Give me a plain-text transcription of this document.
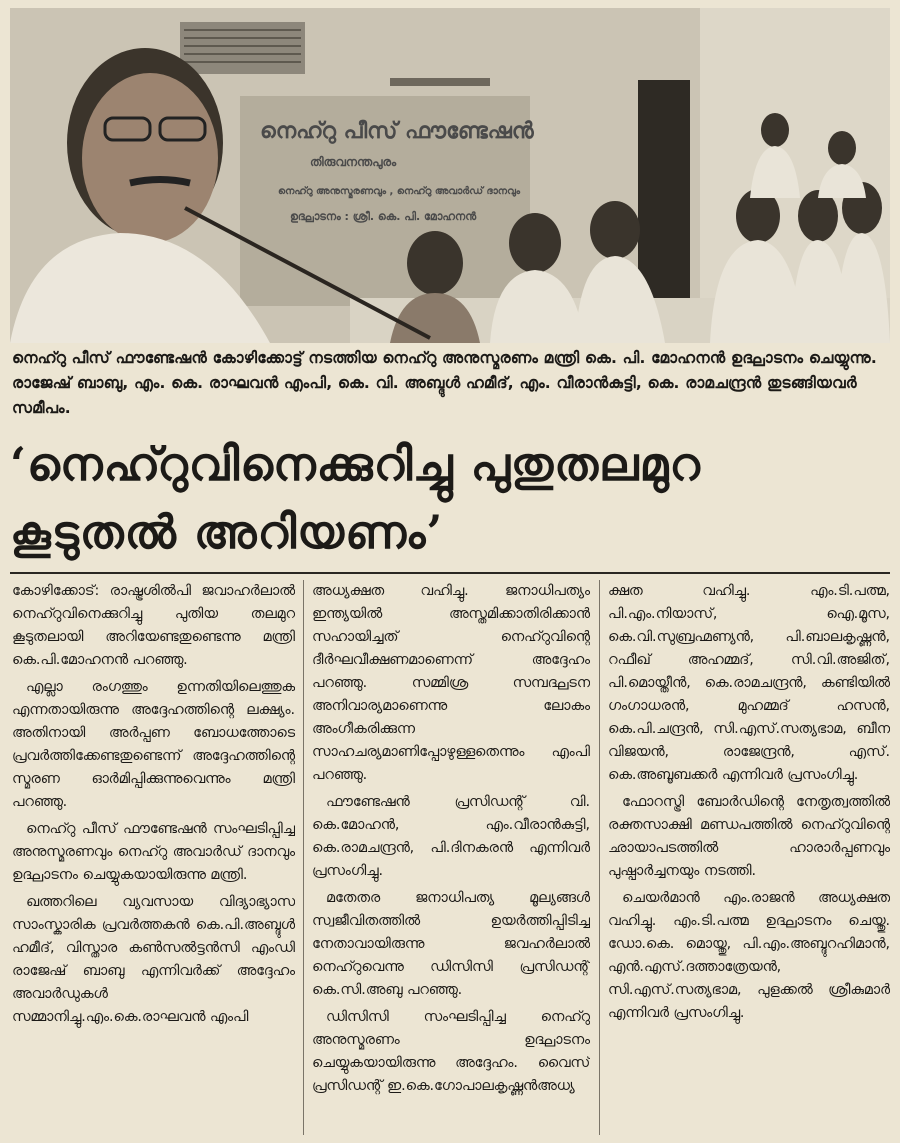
നെഹ്റു പീസ് ഫൗണ്ടേഷൻ
തിരുവനന്തപുരം
നെഹ്റു അനുസ്മരണവും , നെഹ്റു അവാർഡ് ദാനവും
ഉദ്ഘാടനം : ശ്രീ. കെ. പി. മോഹനൻ
നെഹ്റു പീസ് ഫൗണ്ടേഷൻ കോഴിക്കോട്ട് നടത്തിയ നെഹ്റു അനുസ്മരണം മന്ത്രി കെ. പി. മോഹനൻ ഉദ്ഘാടനം ചെയ്യുന്നു. രാജേഷ് ബാബു, എം. കെ. രാഘവൻ എംപി, കെ. വി. അബ്ദുൾ ഹമീദ്, എം. വീരാൻകുട്ടി, കെ. രാമചന്ദ്രൻ തുടങ്ങിയവർ സമീപം.
‘നെഹ്റുവിനെക്കുറിച്ചു പുതുതലമുറ
കൂടുതൽ അറിയണം’

കോഴിക്കോട്: രാഷ്ട്രശിൽപി ജവാഹർലാൽ നെഹ്റുവിനെക്കുറിച്ചു പുതിയ തലമുറ കൂടുതലായി അറിയേണ്ടതുണ്ടെന്നു മന്ത്രി കെ.പി.മോഹനൻ പറഞ്ഞു.

എല്ലാ രംഗത്തും ഉന്നതിയിലെത്തുക എന്നതായിരുന്നു അദ്ദേഹത്തിന്റെ ലക്ഷ്യം. അതിനായി അർപ്പണ ബോധത്തോടെ പ്രവർത്തിക്കേണ്ടതുണ്ടെന്ന് അദ്ദേഹത്തിന്റെ സ്മരണ ഓർമിപ്പിക്കുന്നുവെന്നും മന്ത്രി പറഞ്ഞു.

നെഹ്റു പീസ് ഫൗണ്ടേഷൻ സംഘടിപ്പിച്ച അനുസ്മരണവും നെഹ്റു അവാർഡ് ദാനവും ഉദ്ഘാടനം ചെയ്യുകയായിരുന്നു മന്ത്രി.

ഖത്തറിലെ വ്യവസായ വിദ്യാഭ്യാസ സാംസ്കാരിക പ്രവർത്തകൻ കെ.പി.അബ്ദുൾ ഹമീദ്, വിസ്താര കൺസൽട്ടൻസി എംഡി രാജേഷ് ബാബു എന്നിവർക്ക് അദ്ദേഹം അവാർഡുകൾ സമ്മാനിച്ചു.എം.കെ.രാഘവൻ എംപി

അധ്യക്ഷത വഹിച്ചു. ജനാധിപത്യം ഇന്ത്യയിൽ അസ്തമിക്കാതിരിക്കാൻ സഹായിച്ചത് നെഹ്റുവിന്റെ ദീർഘവീക്ഷണമാണെന്ന് അദ്ദേഹം പറഞ്ഞു. സമ്മിശ്ര സമ്പദ്ഘടന അനിവാര്യമാണെന്നു ലോകം അംഗീകരിക്കുന്ന സാഹചര്യമാണിപ്പോഴുള്ളതെന്നും എംപി പറഞ്ഞു.

ഫൗണ്ടേഷൻ പ്രസിഡന്റ് വി. കെ.മോഹൻ, എം.വീരാൻകുട്ടി, കെ.രാമചന്ദ്രൻ, പി.ദിനകരൻ എന്നിവർ പ്രസംഗിച്ചു.

മതേതര ജനാധിപത്യ മൂല്യങ്ങൾ സ്വജീവിതത്തിൽ ഉയർത്തിപ്പിടിച്ച നേതാവായിരുന്നു ജവഹർലാൽ നെഹ്റുവെന്നു ഡിസിസി പ്രസിഡന്റ് കെ.സി.അബു പറഞ്ഞു.

ഡിസിസി സംഘടിപ്പിച്ച നെഹ്റു അനുസ്മരണം ഉദ്ഘാടനം ചെയ്യുകയായിരുന്നു അദ്ദേഹം. വൈസ് പ്രസിഡന്റ് ഇ.കെ.ഗോപാലകൃഷ്ണൻഅധ്യ

ക്ഷത വഹിച്ചു. എം.ടി.പത്മ, പി.എം.നിയാസ്, ഐ.മൂസ, കെ.വി.സുബ്രഹ്മണ്യൻ, പി.ബാലകൃഷ്ണൻ, റഫീഖ് അഹമ്മദ്, സി.വി.അജിത്, പി.മൊയ്തീൻ, കെ.രാമചന്ദ്രൻ, കണ്ടിയിൽ ഗംഗാധരൻ, മുഹമ്മദ് ഹസൻ, കെ.പി.ചന്ദ്രൻ, സി.എസ്.സത്യഭാമ, ബീന വിജയൻ, രാജേന്ദ്രൻ, എസ്. കെ.അബൂബക്കർ എന്നിവർ പ്രസംഗിച്ചു.

ഫോറസ്ട്രി ബോർഡിന്റെ നേതൃത്വത്തിൽ രക്തസാക്ഷി മണ്ഡപത്തിൽ നെഹ്റുവിന്റെ ഛായാപടത്തിൽ ഹാരാർപ്പണവും പുഷ്പാർച്ചനയും നടത്തി.

ചെയർമാൻ എം.രാജൻ അധ്യക്ഷത വഹിച്ചു. എം.ടി.പത്മ ഉദ്ഘാടനം ചെയ്തു. ഡോ.കെ. മൊയ്തു, പി.എം.അബ്ദുറഹിമാൻ, എൻ.എസ്.ദത്താത്രേയൻ, സി.എസ്.സത്യഭാമ, പുളക്കൽ ശ്രീകുമാർ എന്നിവർ പ്രസംഗിച്ചു.
